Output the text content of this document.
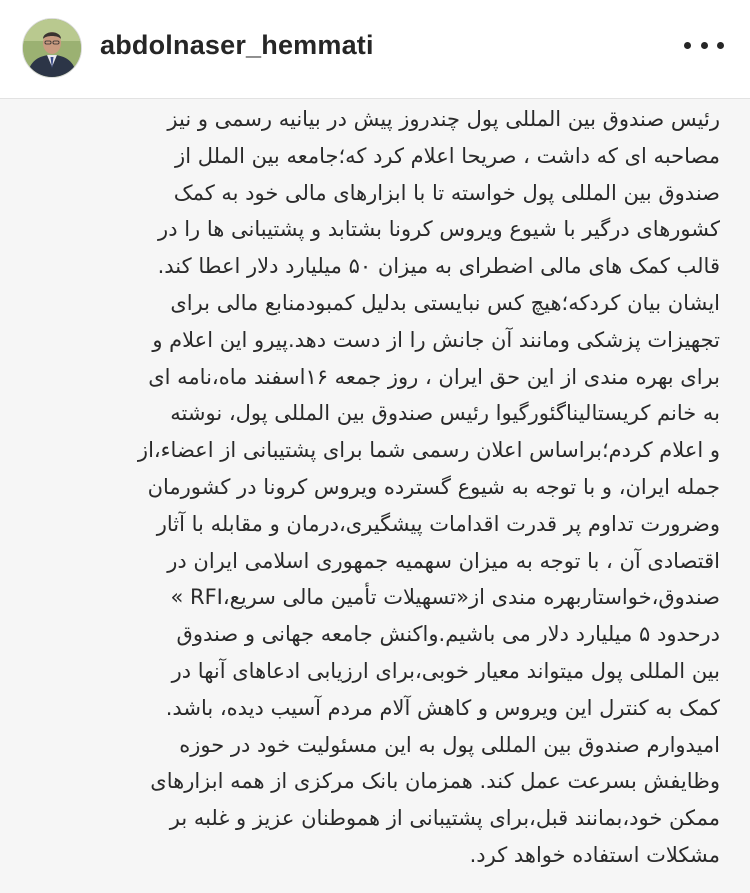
abdolnaser_hemmati

رئیس صندوق بین المللی پول چندروز پیش در بیانیه رسمی و نیز
مصاحبه ای که داشت ، صریحا اعلام کرد که؛جامعه بین الملل از
صندوق بین المللی پول خواسته تا با ابزارهای مالی خود به کمک
کشورهای درگیر با شیوع ویروس کرونا بشتابد و پشتیبانی ها را در
قالب کمک های مالی اضطرای به میزان ۵۰ میلیارد دلار اعطا کند.
ایشان بیان کردکه؛هیچ کس نبایستی بدلیل کمبودمنابع مالی برای
تجهیزات پزشکی ومانند آن جانش را از دست دهد.پیرو این اعلام و
برای بهره مندی از این حق ایران ، روز جمعه ۱۶اسفند ماه،نامه ای
به خانم کریستالیناگئورگیوا رئیس صندوق بین المللی پول، نوشته
و اعلام کردم؛براساس اعلان رسمی شما برای پشتیبانی از اعضاء،از
جمله ایران، و با توجه به شیوع گسترده ویروس کرونا در کشورمان
وضرورت تداوم پر قدرت اقدامات پیشگیری،درمان و مقابله با آثار
اقتصادی آن ، با توجه به میزان سهمیه جمهوری اسلامی ایران در
صندوق،خواستاربهره مندی از«تسهیلات تأمین مالی سریع،RFI »
درحدود ۵ میلیارد دلار می باشیم.واکنش جامعه جهانی و صندوق
بین المللی پول میتواند معیار خوبی،برای ارزیابی ادعاهای آنها در
کمک به کنترل این ویروس و کاهش آلام مردم آسیب دیده، باشد.
امیدوارم صندوق بین المللی پول به این مسئولیت خود در حوزه
وظایفش بسرعت عمل کند. همزمان بانک مرکزی از همه ابزارهای
ممکن خود،بمانند قبل،برای پشتیبانی از هموطنان عزیز و غلبه بر
مشکلات استفاده خواهد کرد.
